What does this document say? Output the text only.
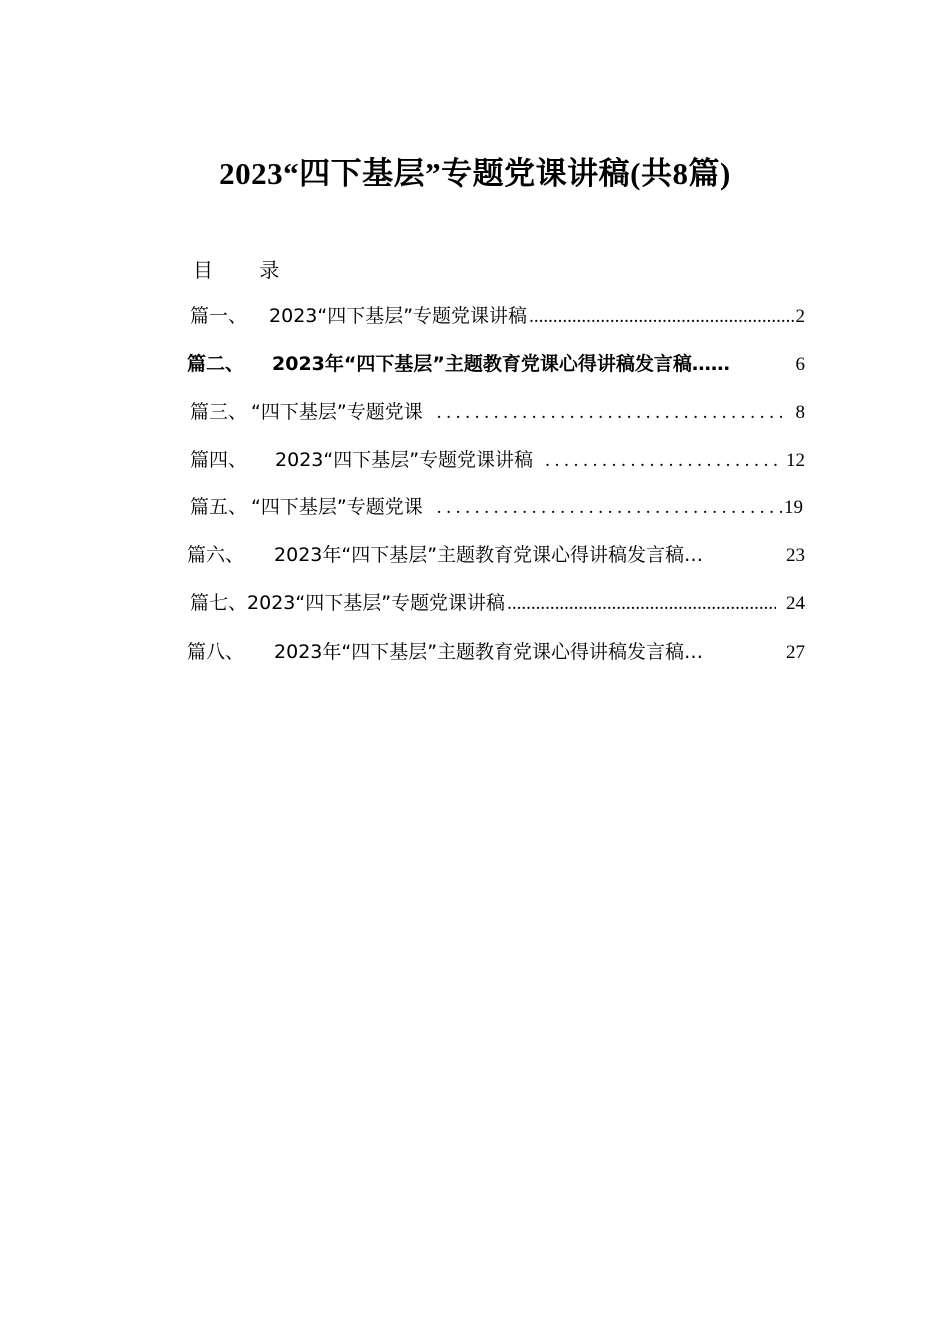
2023“四下基层”专题党课讲稿(共8篇)
目 录
篇一、 2023“四下基层”专题党课讲稿 .....	2
篇二、 2023年“四下基层”主题教育党课心得讲稿发言稿……	6
篇三、 “四下基层”专题党课 . . .	8
篇四、 2023“四下基层”专题党课讲稿 . . .	12
篇五、 “四下基层”专题党课 . . .	19
篇六、 2023年“四下基层”主题教育党课心得讲稿发言稿…	23
篇七、 2023“四下基层”专题党课讲稿 .....	24
篇八、 2023年“四下基层”主题教育党课心得讲稿发言稿…	27
